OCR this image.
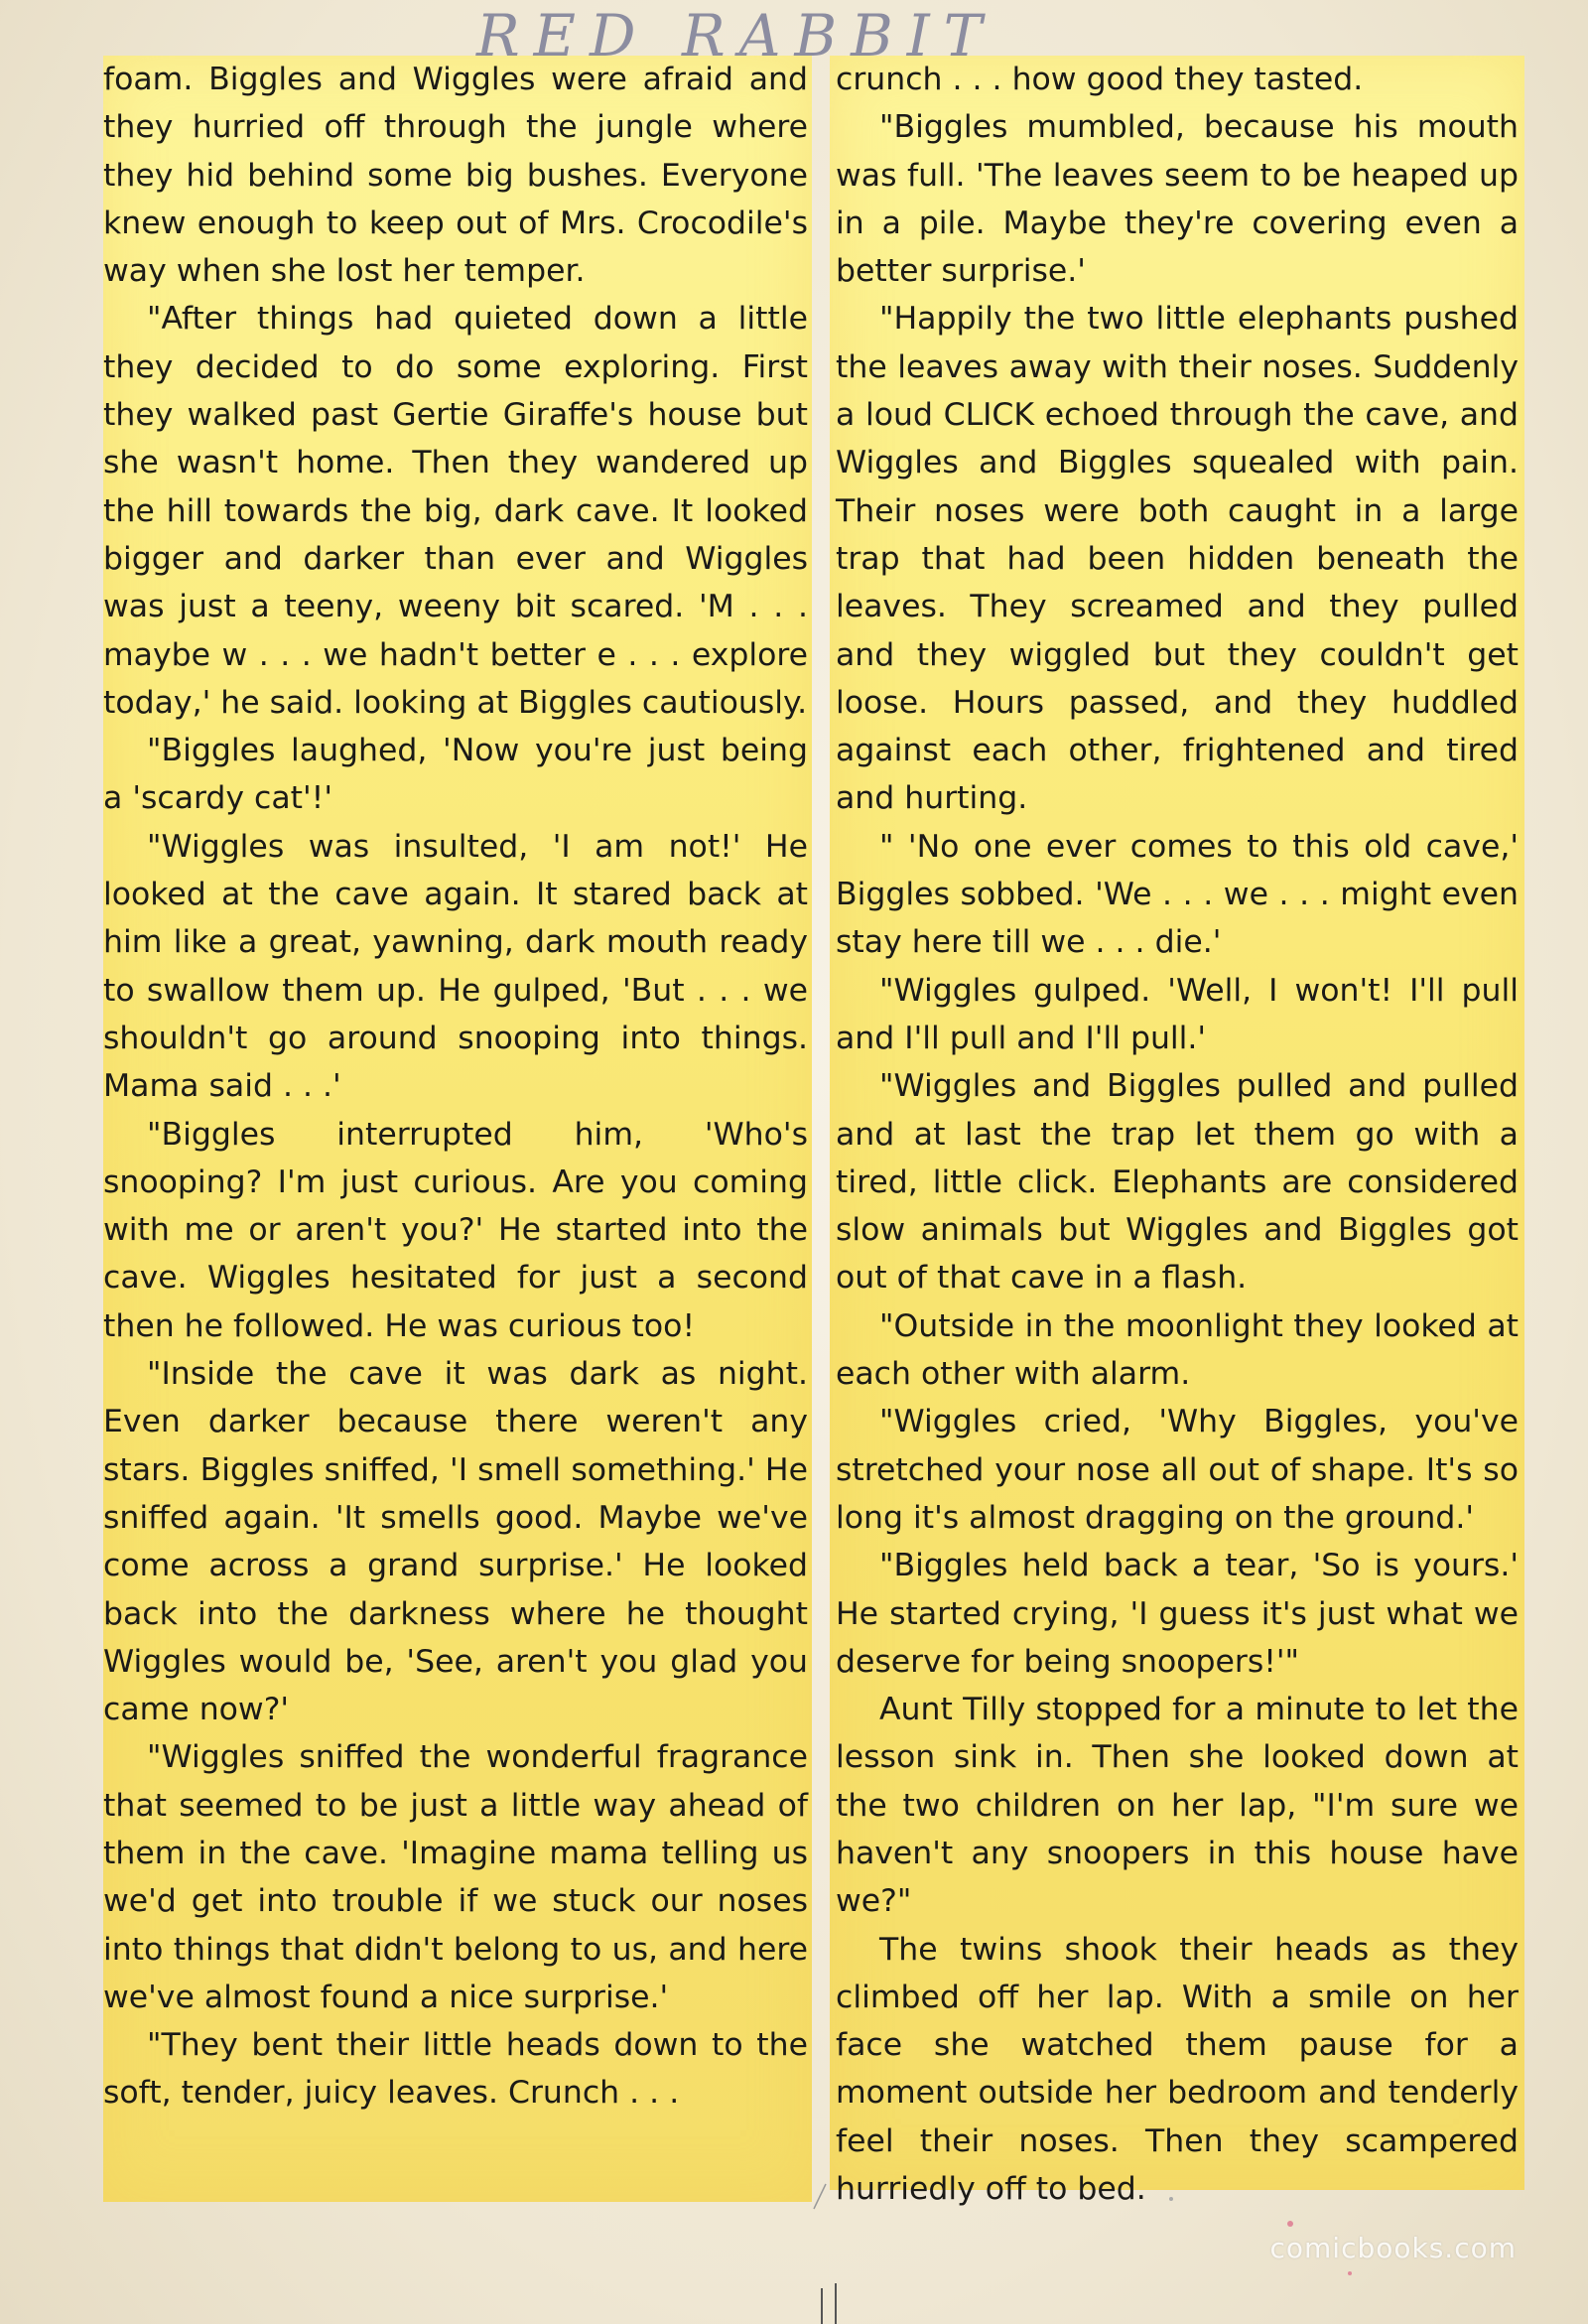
RED RABBIT

foam. Biggles and Wiggles were afraid and they hurried off through the jungle where they hid behind some big bushes. Everyone knew enough to keep out of Mrs. Crocodile's way when she lost her temper.

"After things had quieted down a little they decided to do some exploring. First they walked past Gertie Giraffe's house but she wasn't home. Then they wandered up the hill towards the big, dark cave. It looked bigger and darker than ever and Wiggles was just a teeny, weeny bit scared. 'M . . . maybe w . . . we hadn't better e . . . explore today,' he said. looking at Biggles cautiously.

"Biggles laughed, 'Now you're just being a 'scardy cat'!'

"Wiggles was insulted, 'I am not!' He looked at the cave again. It stared back at him like a great, yawning, dark mouth ready to swallow them up. He gulped, 'But . . . we shouldn't go around snooping into things. Mama said . . .'

"Biggles interrupted him, 'Who's snooping? I'm just curious. Are you coming with me or aren't you?' He started into the cave. Wiggles hesitated for just a second then he followed. He was curious too!

"Inside the cave it was dark as night. Even darker because there weren't any stars. Biggles sniffed, 'I smell something.' He sniffed again. 'It smells good. Maybe we've come across a grand surprise.' He looked back into the darkness where he thought Wiggles would be, 'See, aren't you glad you came now?'

"Wiggles sniffed the wonderful fragrance that seemed to be just a little way ahead of them in the cave. 'Imagine mama telling us we'd get into trouble if we stuck our noses into things that didn't belong to us, and here we've almost found a nice surprise.'

"They bent their little heads down to the soft, tender, juicy leaves. Crunch . . .

crunch . . . how good they tasted.

"Biggles mumbled, because his mouth was full. 'The leaves seem to be heaped up in a pile. Maybe they're covering even a better surprise.'

"Happily the two little elephants pushed the leaves away with their noses. Suddenly a loud CLICK echoed through the cave, and Wiggles and Biggles squealed with pain. Their noses were both caught in a large trap that had been hidden beneath the leaves. They screamed and they pulled and they wiggled but they couldn't get loose. Hours passed, and they huddled against each other, frightened and tired and hurting.

" 'No one ever comes to this old cave,' Biggles sobbed. 'We . . . we . . . might even stay here till we . . . die.'

"Wiggles gulped. 'Well, I won't! I'll pull and I'll pull and I'll pull.'

"Wiggles and Biggles pulled and pulled and at last the trap let them go with a tired, little click. Elephants are considered slow animals but Wiggles and Biggles got out of that cave in a flash.

"Outside in the moonlight they looked at each other with alarm.

"Wiggles cried, 'Why Biggles, you've stretched your nose all out of shape. It's so long it's almost dragging on the ground.'

"Biggles held back a tear, 'So is yours.' He started crying, 'I guess it's just what we deserve for being snoopers!'"

Aunt Tilly stopped for a minute to let the lesson sink in. Then she looked down at the two children on her lap, "I'm sure we haven't any snoopers in this house have we?"

The twins shook their heads as they climbed off her lap. With a smile on her face she watched them pause for a moment outside her bedroom and tenderly feel their noses. Then they scampered hurriedly off to bed.

comicbooks.com
